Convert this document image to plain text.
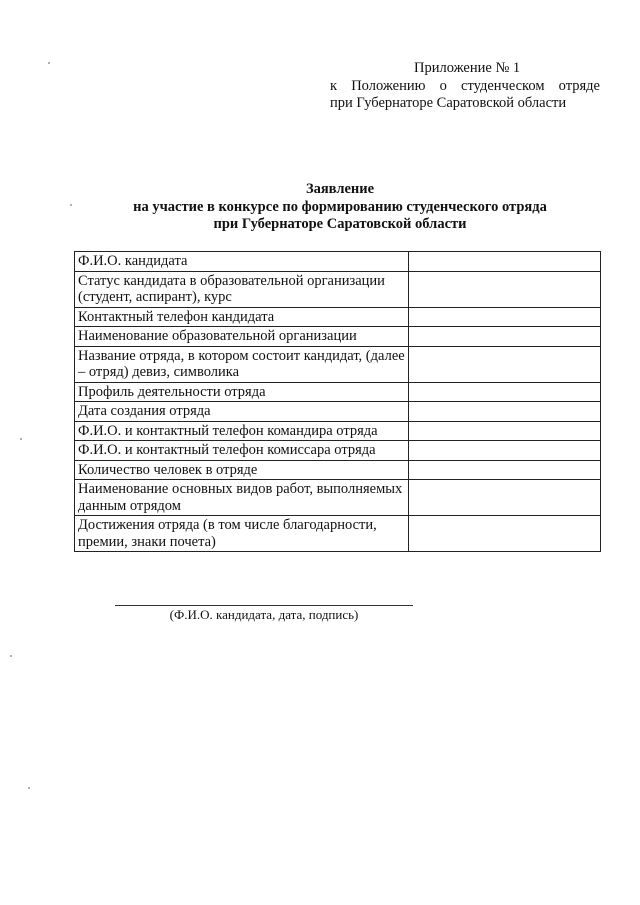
Приложение № 1
к Положению о студенческом отряде
при Губернаторе Саратовской области
Заявление
на участие в конкурсе по формированию студенческого отряда
при Губернаторе Саратовской области
Ф.И.О. кандидата	
Статус кандидата в образовательной организации (студент, аспирант), курс	
Контактный телефон кандидата	
Наименование образовательной организации	
Название отряда, в котором состоит кандидат, (далее – отряд) девиз, символика	
Профиль деятельности отряда	
Дата создания отряда	
Ф.И.О. и контактный телефон командира отряда	
Ф.И.О. и контактный телефон комиссара отряда	
Количество человек в отряде	
Наименование основных видов работ, выполняемых данным отрядом	
Достижения отряда (в том числе благодарности, премии, знаки почета)	
(Ф.И.О. кандидата, дата, подпись)
